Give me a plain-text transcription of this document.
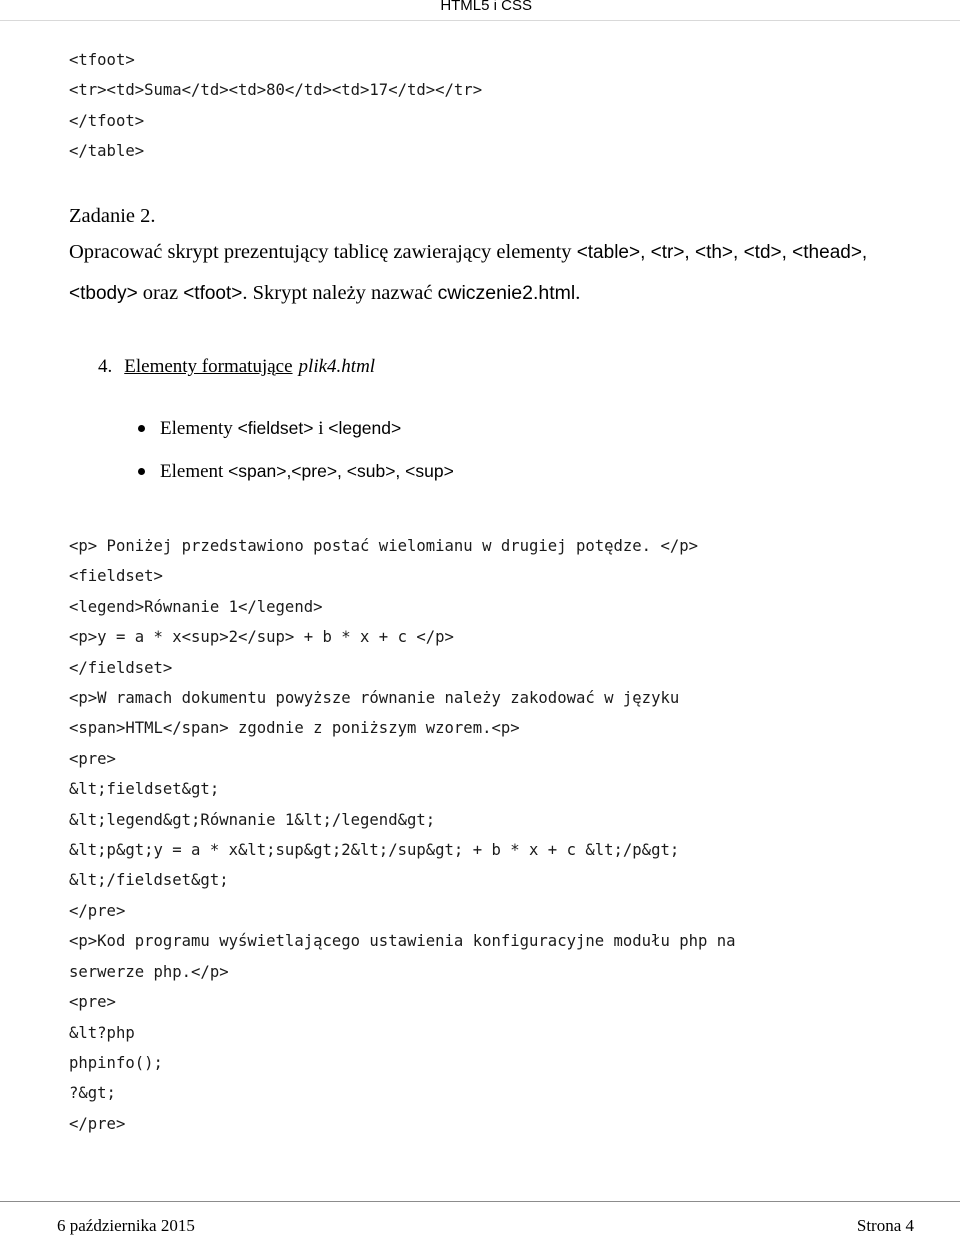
HTML5 i CSS
<tfoot>
<tr><td>Suma</td><td>80</td><td>17</td></tr>
</tfoot>
</table>

Zadanie 2.

Opracować skrypt prezentujący tablicę zawierający elementy <table>, <tr>, <th>, <td>, <thead>, <tbody> oraz <tfoot>. Skrypt należy nazwać cwiczenie2.html.

4. Elementy formatujące plik4.html
Elementy <fieldset> i <legend>
Element <span>,<pre>, <sub>, <sup>
<p> Poniżej przedstawiono postać wielomianu w drugiej potędze. </p>
<fieldset>
<legend>Równanie 1</legend>
<p>y = a * x<sup>2</sup> + b * x + c </p>
</fieldset>
<p>W ramach dokumentu powyższe równanie należy zakodować w języku
<span>HTML</span> zgodnie z poniższym wzorem.<p>
<pre>
&lt;fieldset&gt;
&lt;legend&gt;Równanie 1&lt;/legend&gt;
&lt;p&gt;y = a * x&lt;sup&gt;2&lt;/sup&gt; + b * x + c &lt;/p&gt;
&lt;/fieldset&gt;
</pre>
<p>Kod programu wyświetlającego ustawienia konfiguracyjne modułu php na
serwerze php.</p>
<pre>
&lt?php
phpinfo();
?&gt;
</pre>
6 października 2015	Strona 4
